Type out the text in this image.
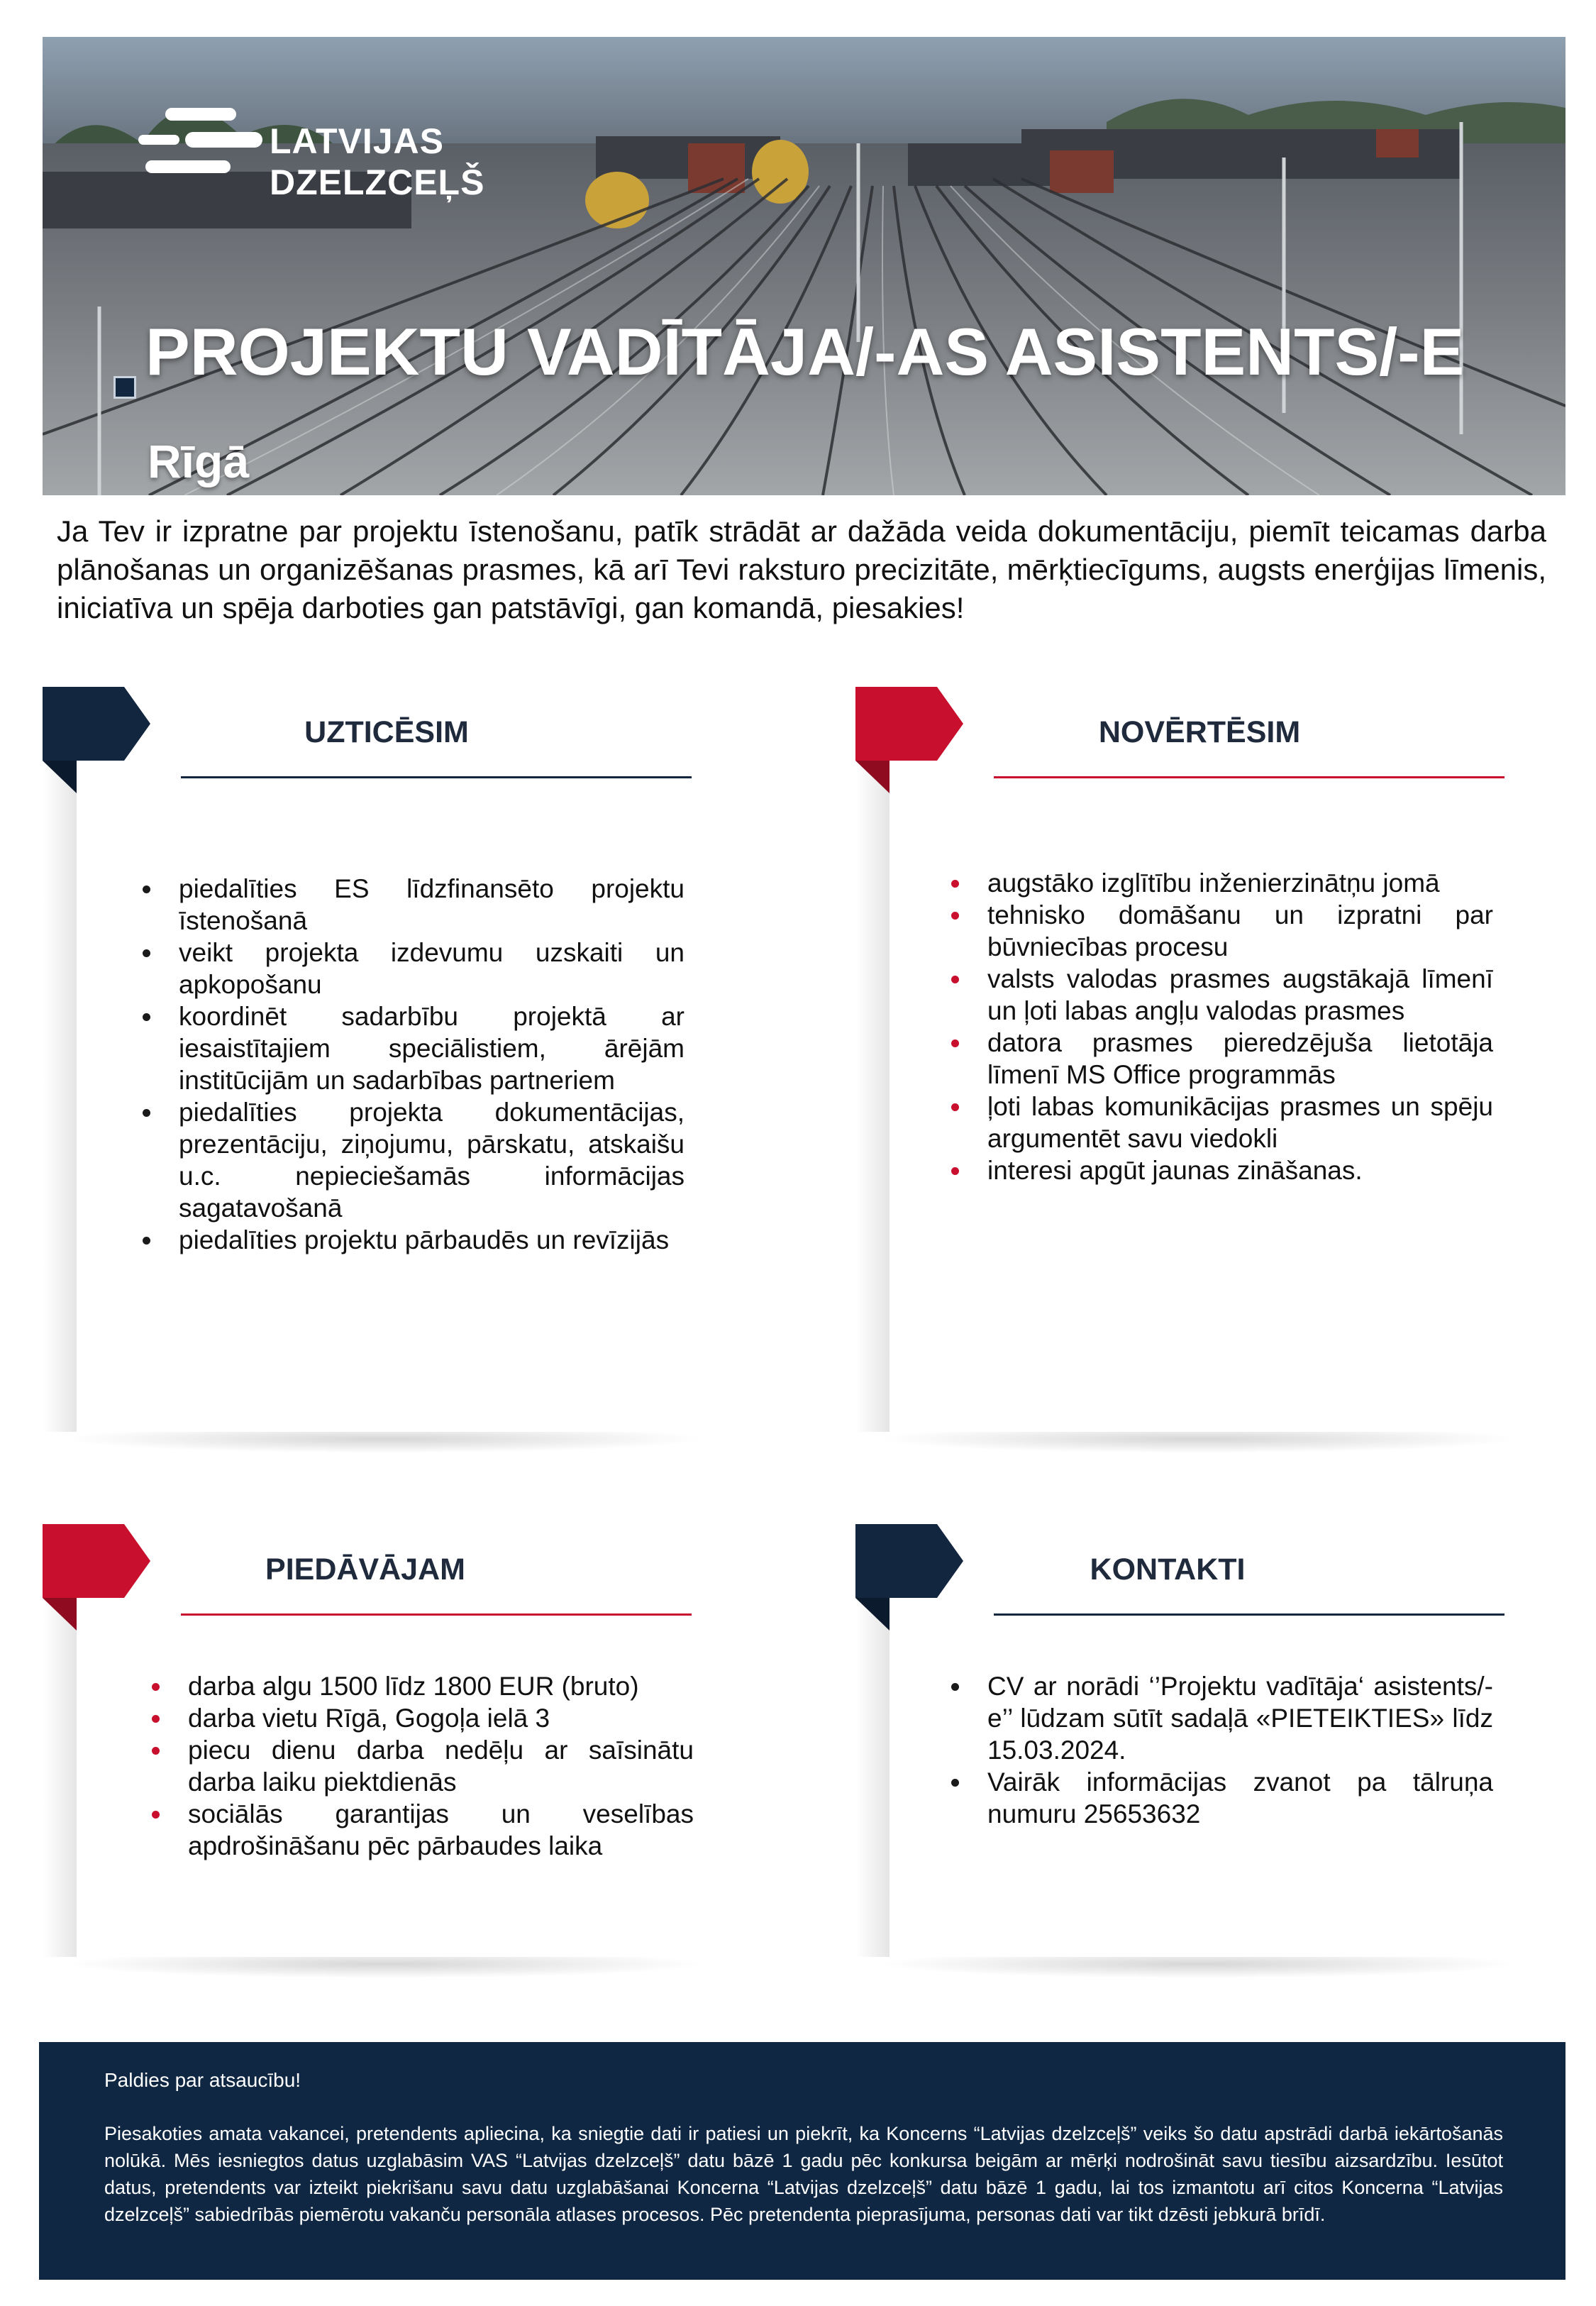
LATVIJAS
DZELZCEĻŠ
PROJEKTU VADĪTĀJA/-AS ASISTENTS/-E
Rīgā
Ja Tev ir izpratne par projektu īstenošanu, patīk strādāt ar dažāda veida dokumentāciju, piemīt teicamas darba plānošanas un organizēšanas prasmes, kā arī Tevi raksturo precizitāte, mērķtiecīgums, augsts enerģijas līmenis, iniciatīva un spēja darboties gan patstāvīgi, gan komandā, piesakies!
UZTICĒSIM
piedalīties ES līdzfinansēto projektu īstenošanā
veikt projekta izdevumu uzskaiti un apkopošanu
koordinēt sadarbību projektā ar iesaistītajiem speciālistiem, ārējām institūcijām un sadarbības partneriem
piedalīties projekta dokumentācijas, prezentāciju, ziņojumu, pārskatu, atskaišu u.c. nepieciešamās informācijas sagatavošanā
piedalīties projektu pārbaudēs un revīzijās
NOVĒRTĒSIM
augstāko izglītību inženierzinātņu jomā
tehnisko domāšanu un izpratni par būvniecības procesu
valsts valodas prasmes augstākajā līmenī un ļoti labas angļu valodas prasmes
datora prasmes pieredzējuša lietotāja līmenī MS Office programmās
ļoti labas komunikācijas prasmes un spēju argumentēt savu viedokli
interesi apgūt jaunas zināšanas.
PIEDĀVĀJAM
darba algu 1500 līdz 1800 EUR (bruto)
darba vietu Rīgā, Gogoļa ielā 3
piecu dienu darba nedēļu ar saīsinātu darba laiku piektdienās
sociālās garantijas un veselības apdrošināšanu pēc pārbaudes laika
KONTAKTI
CV ar norādi ‘’Projektu vadītāja‘ asistents/-e’’ lūdzam sūtīt sadaļā «PIETEIKTIES» līdz 15.03.2024.
Vairāk informācijas zvanot pa tālruņa numuru 25653632
Paldies par atsaucību!
Piesakoties amata vakancei, pretendents apliecina, ka sniegtie dati ir patiesi un piekrīt, ka Koncerns “Latvijas dzelzceļš” veiks šo datu apstrādi darbā iekārtošanās nolūkā. Mēs iesniegtos datus uzglabāsim VAS “Latvijas dzelzceļš” datu bāzē 1 gadu pēc konkursa beigām ar mērķi nodrošināt savu tiesību aizsardzību. Iesūtot datus, pretendents var izteikt piekrišanu savu datu uzglabāšanai Koncerna “Latvijas dzelzceļš” datu bāzē 1 gadu, lai tos izmantotu arī citos Koncerna “Latvijas dzelzceļš” sabiedrībās piemērotu vakanču personāla atlases procesos. Pēc pretendenta pieprasījuma, personas dati var tikt dzēsti jebkurā brīdī.
